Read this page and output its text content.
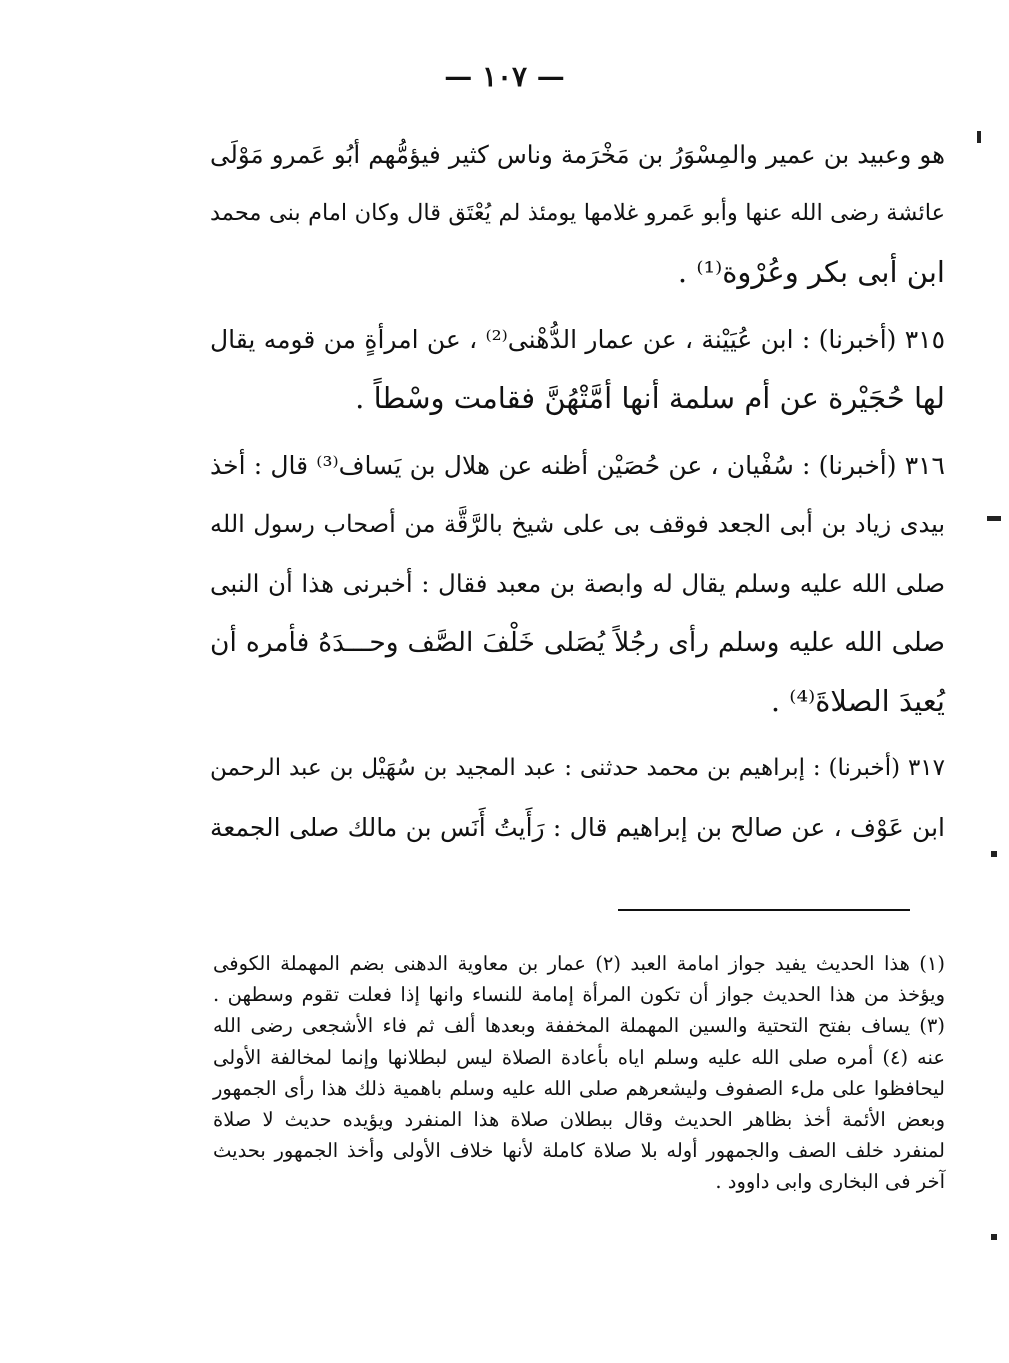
— ١٠٧ —
هو وعبيد بن عمير والمِسْوَرُ بن مَخْرَمة وناس كثير فيؤمُّهم أبُو عَمرو مَوْلَى
عائشة رضى الله عنها وأبو عَمرو غلامها يومئذ لم يُعْتَق قال وكان امام بنى محمد
ابن أبى بكر وعُرْوة⁽¹⁾ .
٣١٥ (أخبرنا) : ابن عُيَيْنة ، عن عمار الدُّهْنى⁽²⁾ ، عن امرأةٍ من قومه يقال
لها حُجَيْرة عن أم سلمة أنها أمَّتْهُنَّ فقامت وسْطاً .
٣١٦ (أخبرنا) : سُفْيان ، عن حُصَيْن أظنه عن هلال بن يَساف⁽³⁾ قال : أخذ
بيدى زياد بن أبى الجعد فوقف بى على شيخ بالرَّقَّة من أصحاب رسول الله
صلى الله عليه وسلم يقال له وابصة بن معبد فقال : أخبرنى هذا أن النبى
صلى الله عليه وسلم رأى رجُلاً يُصَلى خَلْفَ الصَّف وحـــدَهُ فأمره أن
يُعيدَ الصلاةَ⁽⁴⁾ .
٣١٧ (أخبرنا) : إبراهيم بن محمد حدثنى : عبد المجيد بن سُهَيْل بن عبد الرحمن
ابن عَوْف ، عن صالح بن إبراهيم قال : رَأَيتُ أَنَس بن مالك صلى الجمعة
(١) هذا الحديث يفيد جواز امامة العبد (٢) عمار بن معاوية الدهنى بضم المهملة الكوفى
ويؤخذ من هذا الحديث جواز أن تكون المرأة إمامة للنساء وانها إذا فعلت تقوم وسطهن .
(٣) يساف بفتح التحتية والسين المهملة المخففة وبعدها ألف ثم فاء الأشجعى رضى الله
عنه (٤) أمره صلى الله عليه وسلم اياه بأعادة الصلاة ليس لبطلانها وإنما لمخالفة الأولى
ليحافظوا على ملء الصفوف وليشعرهم صلى الله عليه وسلم باهمية ذلك هذا رأى الجمهور
وبعض الأئمة أخذ بظاهر الحديث وقال ببطلان صلاة هذا المنفرد ويؤيده حديث لا صلاة
لمنفرد خلف الصف والجمهور أوله بلا صلاة كاملة لأنها خلاف الأولى وأخذ الجمهور بحديث
آخر فى البخارى وابى داوود .
